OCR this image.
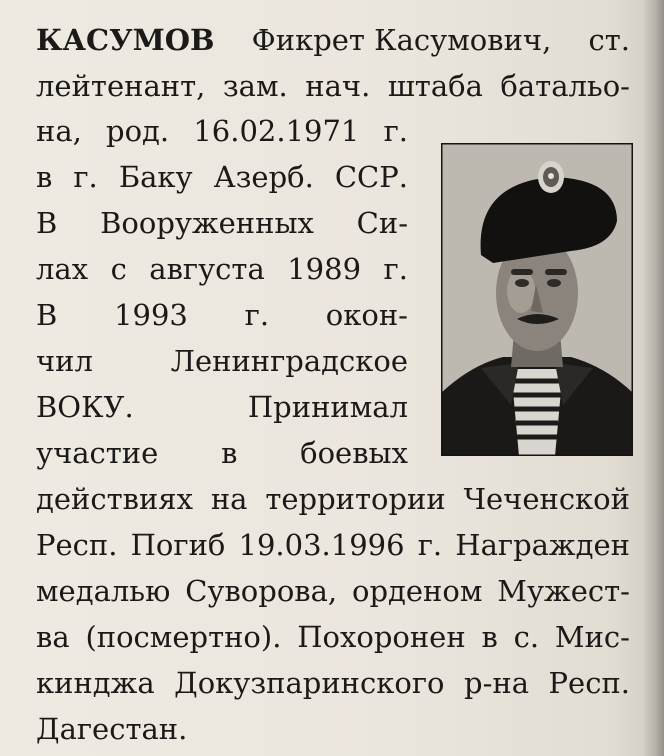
КАСУМОВ Фикрет Касумович, ст.
лейтенант, зам. нач. штаба батальо-
на, род. 16.02.1971 г.
в г. Баку Азерб. ССР.
В Вооруженных Си-
лах с августа 1989 г.
В 1993 г. окон-
чил	Ленинградское
ВОКУ.	Принимал
участие в боевых
действиях на территории Чеченской
Респ. Погиб 19.03.1996 г. Награжден
медалью Суворова, орденом Мужест-
ва (посмертно). Похоронен в с. Мис-
кинджа Докузпаринского р-на Респ.
Дагестан.
